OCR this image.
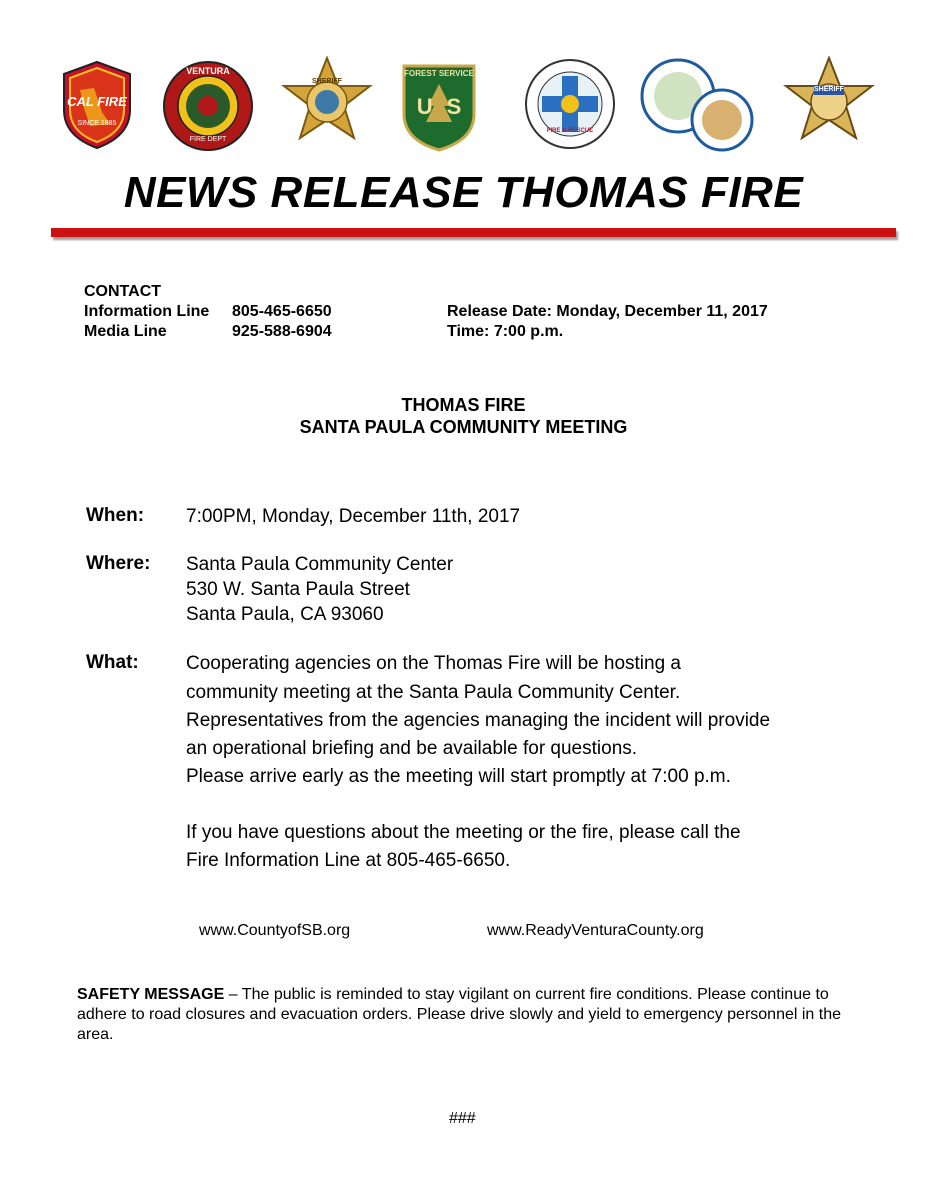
CAL FIRE
SINCE 1885
VENTURA
FIRE DEPT
SHERIFF
FOREST SERVICE
US
FIRE & RESCUE
SHERIFF
NEWS RELEASE THOMAS FIRE
CONTACT
Information Line 805-465-6650
Media Line	925-588-6904
Release Date: Monday, December 11, 2017
Time: 7:00 p.m.
THOMAS FIRE
SANTA PAULA COMMUNITY MEETING
When: 7:00PM, Monday, December 11th, 2017
Where: Santa Paula Community Center
530 W. Santa Paula Street
Santa Paula, CA 93060
What: Cooperating agencies on the Thomas Fire will be hosting a
community meeting at the Santa Paula Community Center.
Representatives from the agencies managing the incident will provide
an operational briefing and be available for questions.
Please arrive early as the meeting will start promptly at 7:00 p.m.
If you have questions about the meeting or the fire, please call the
Fire Information Line at 805-465-6650.
www.CountyofSB.org	www.ReadyVenturaCounty.org
SAFETY MESSAGE – The public is reminded to stay vigilant on current fire conditions. Please continue to adhere to road closures and evacuation orders. Please drive slowly and yield to emergency personnel in the area.
###
